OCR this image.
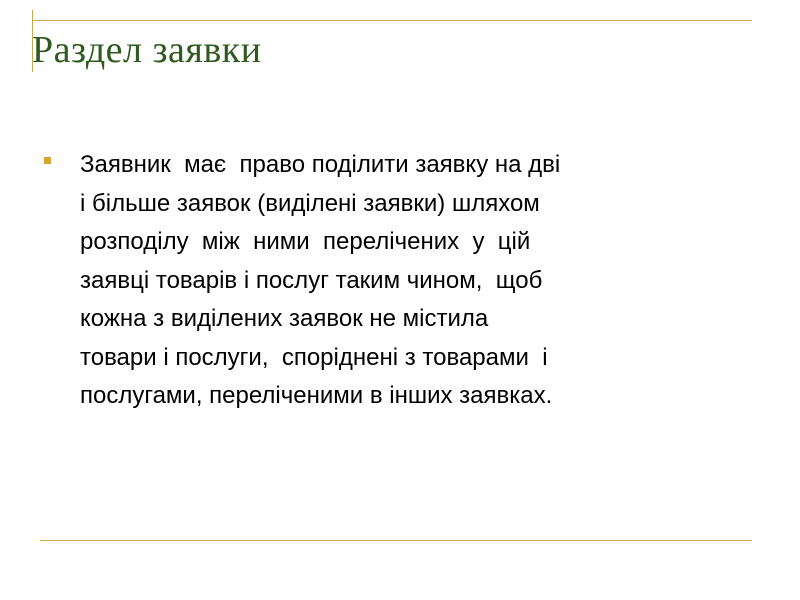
Раздел заявки

Заявник  має  право поділити заявку на дві
і більше заявок (виділені заявки) шляхом
розподілу  між  ними  перелічених  у  цій
заявці товарів і послуг таким чином,  щоб
кожна з виділених заявок не містила
товари і послуги,  споріднені з товарами  і
послугами, переліченими в інших заявках.
